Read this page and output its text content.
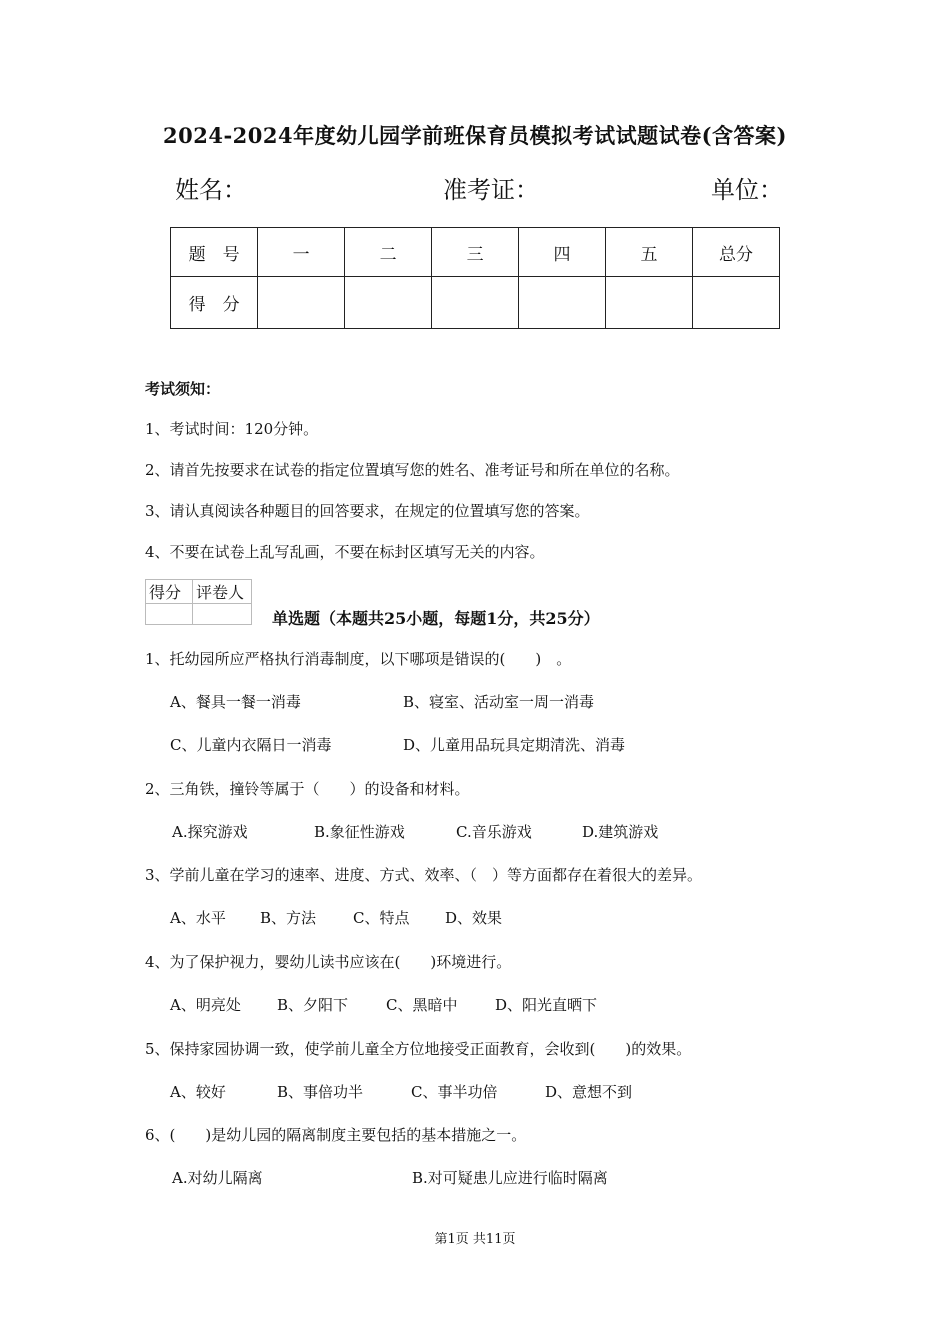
2024-2024年度幼儿园学前班保育员模拟考试试题试卷(含答案)
姓名：	准考证：	单位：
题　号	一	二	三	四	五	总分
得　分						
考试须知：
1、考试时间：120分钟。
2、请首先按要求在试卷的指定位置填写您的姓名、准考证号和所在单位的名称。
3、请认真阅读各种题目的回答要求，在规定的位置填写您的答案。
4、不要在试卷上乱写乱画，不要在标封区填写无关的内容。
得分	评卷人

单选题（本题共25小题，每题1分，共25分）
1、托幼园所应严格执行消毒制度，以下哪项是错误的(　　)　。
A、餐具一餐一消毒	B、寝室、活动室一周一消毒
C、儿童内衣隔日一消毒	D、儿童用品玩具定期清洗、消毒
2、三角铁，撞铃等属于（　　）的设备和材料。
A.探究游戏	B.象征性游戏	C.音乐游戏	D.建筑游戏
3、学前儿童在学习的速率、进度、方式、效率、（　）等方面都存在着很大的差异。
A、水平 B、方法 C、特点 D、效果
4、为了保护视力，婴幼儿读书应该在(　　)环境进行。
A、明亮处 B、夕阳下	C、黑暗中	D、阳光直晒下
5、保持家园协调一致，使学前儿童全方位地接受正面教育，会收到(　　)的效果。
A、较好	B、事倍功半	C、事半功倍	D、意想不到
6、(　　)是幼儿园的隔离制度主要包括的基本措施之一。
A.对幼儿隔离	B.对可疑患儿应进行临时隔离
第1页 共11页
